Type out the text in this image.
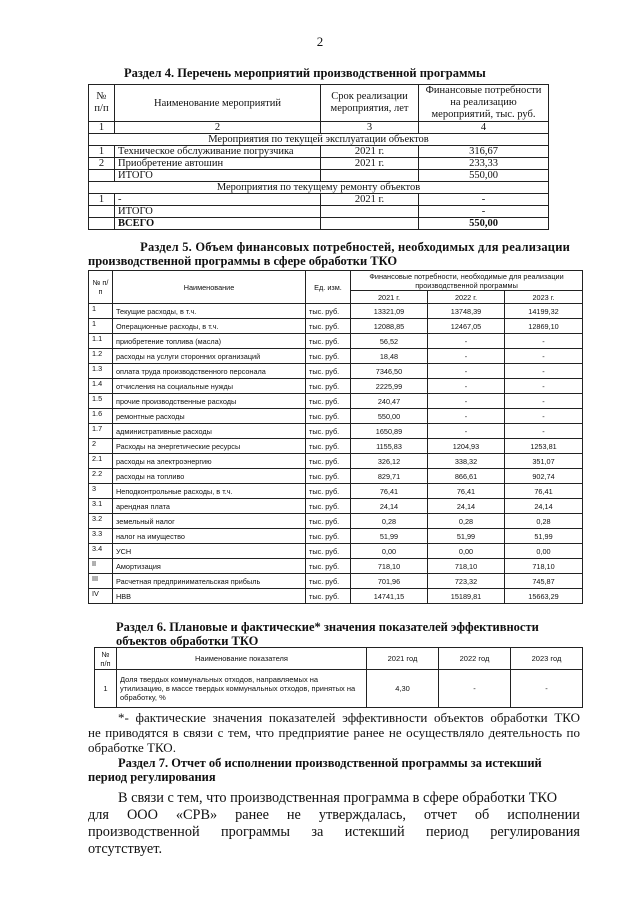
2
Раздел 4. Перечень мероприятий производственной программы
№ п/п	Наименование мероприятий	Срок реализации мероприятия, лет	Финансовые потребности на реализацию мероприятий, тыс. руб.
1	2	3	4
Мероприятия по текущей эксплуатации объектов			
1	Техническое обслуживание погрузчика	2021 г.	316,67
2	Приобретение автошин	2021 г.	233,33
	ИТОГО		550,00
Мероприятия по текущему ремонту объектов			
1	-	2021 г.	-
	ИТОГО		-
	ВСЕГО		550,00
Раздел 5. Объем финансовых потребностей, необходимых для реализации
производственной программы в сфере обработки ТКО
№ п/п	Наименование	Ед. изм.	Финансовые потребности, необходимые для реализации производственной программы		
			2021 г.	2022 г.	2023 г.
1	Текущие расходы, в т.ч.	тыс. руб.	13321,09	13748,39	14199,32
1	Операционные расходы, в т.ч.	тыс. руб.	12088,85	12467,05	12869,10
1.1	приобретение топлива (масла)	тыс. руб.	56,52	-	-
1.2	расходы на услуги сторонних организаций	тыс. руб.	18,48	-	-
1.3	оплата труда производственного персонала	тыс. руб.	7346,50	-	-
1.4	отчисления на социальные нужды	тыс. руб.	2225,99	-	-
1.5	прочие производственные расходы	тыс. руб.	240,47	-	-
1.6	ремонтные расходы	тыс. руб.	550,00	-	-
1.7	административные расходы	тыс. руб.	1650,89	-	-
2	Расходы на энергетические ресурсы	тыс. руб.	1155,83	1204,93	1253,81
2.1	расходы на электроэнергию	тыс. руб.	326,12	338,32	351,07
2.2	расходы на топливо	тыс. руб.	829,71	866,61	902,74
3	Неподконтрольные расходы, в т.ч.	тыс. руб.	76,41	76,41	76,41
3.1	арендная плата	тыс. руб.	24,14	24,14	24,14
3.2	земельный налог	тыс. руб.	0,28	0,28	0,28
3.3	налог на имущество	тыс. руб.	51,99	51,99	51,99
3.4	УСН	тыс. руб.	0,00	0,00	0,00
II	Амортизация	тыс. руб.	718,10	718,10	718,10
III	Расчетная предпринимательская прибыль	тыс. руб.	701,96	723,32	745,87
IV	НВВ	тыс. руб.	14741,15	15189,81	15663,29
Раздел 6. Плановые и фактические* значения показателей эффективности
объектов обработки ТКО
№ п/п	Наименование показателя	2021 год	2022 год	2023 год
1	Доля твердых коммунальных отходов, направляемых на утилизацию, в массе твердых коммунальных отходов, принятых на обработку, %	4,30	-	-
*- фактические значения показателей эффективности объектов обработки ТКО
не приводятся в связи с тем, что предприятие ранее не осуществляло деятельность по
обработке ТКО.
Раздел 7. Отчет об исполнении производственной программы за истекший
период регулирования
В связи с тем, что производственная программа в сфере обработки ТКО
для ООО «СРВ» ранее не утверждалась, отчет об исполнении
производственной программы за истекший период регулирования
отсутствует.
